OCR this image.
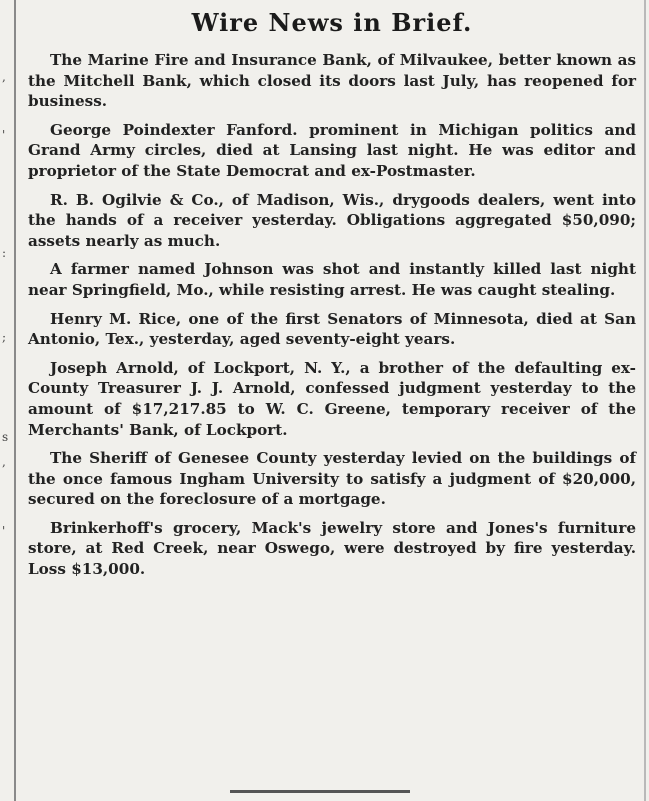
,
'
:
;
s
,
'
Wire News in Brief.

The Marine Fire and Insurance Bank, of Milvaukee, better known as the Mitchell Bank, which closed its doors last July, has reopened for business.

George Poindexter Fanford. prominent in Michigan politics and Grand Army circles, died at Lansing last night. He was editor and proprietor of the State Democrat and ex-Postmaster.

R. B. Ogilvie & Co., of Madison, Wis., drygoods dealers, went into the hands of a receiver yesterday. Obligations aggregated $50,090; assets nearly as much.

A farmer named Johnson was shot and instantly killed last night near Springfield, Mo., while resisting arrest. He was caught stealing.

Henry M. Rice, one of the first Senators of Minnesota, died at San Antonio, Tex., yesterday, aged seventy-eight years.

Joseph Arnold, of Lockport, N. Y., a brother of the defaulting ex-County Treasurer J. J. Arnold, confessed judgment yesterday to the amount of $17,217.85 to W. C. Greene, temporary receiver of the Merchants' Bank, of Lockport.

The Sheriff of Genesee County yesterday levied on the buildings of the once famous Ingham University to satisfy a judgment of $20,000, secured on the foreclosure of a mortgage.

Brinkerhoff's grocery, Mack's jewelry store and Jones's furniture store, at Red Creek, near Oswego, were destroyed by fire yesterday. Loss $13,000.
